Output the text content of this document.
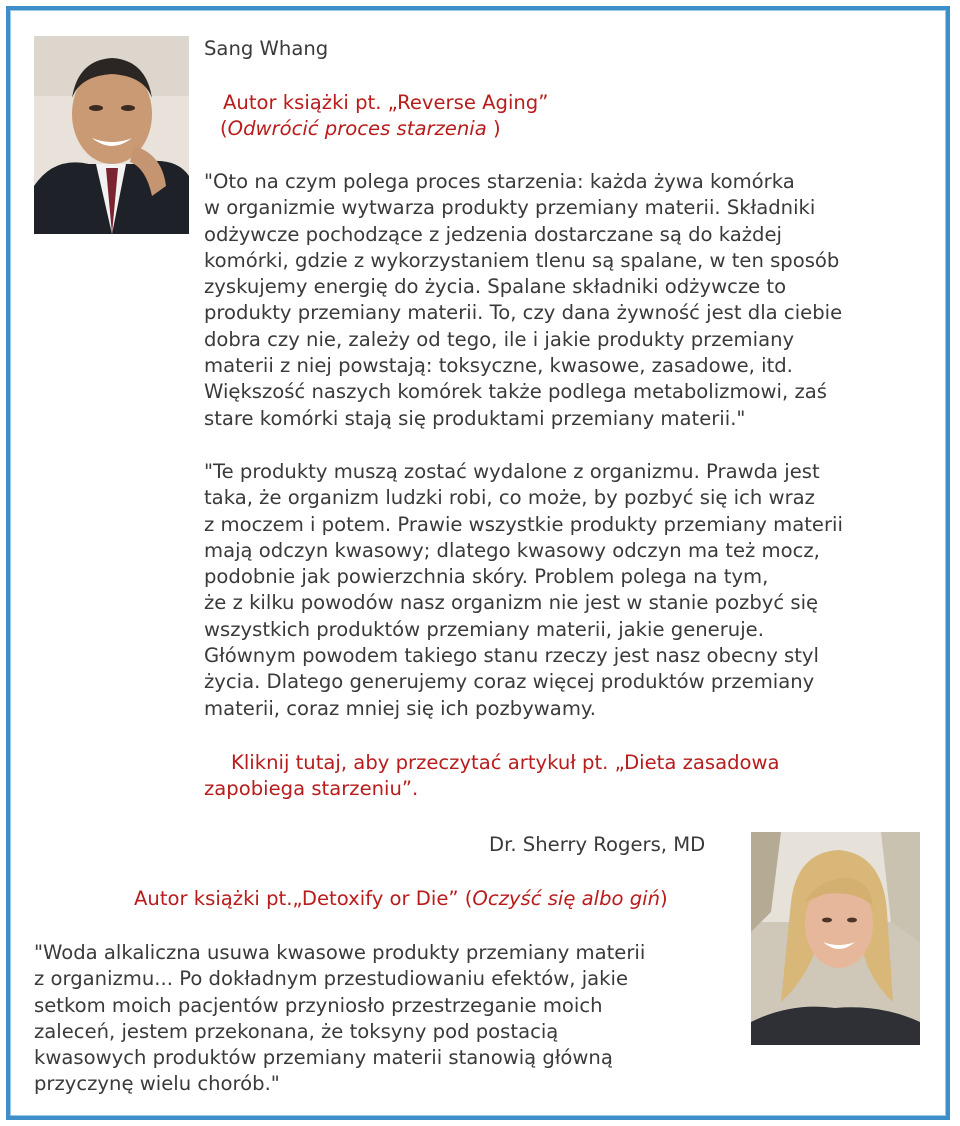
Sang Whang
Autor książki pt. „Reverse Aging”
(Odwrócić proces starzenia )
"Oto na czym polega proces starzenia: każda żywa komórka
w organizmie wytwarza produkty przemiany materii. Składniki
odżywcze pochodzące z jedzenia dostarczane są do każdej
komórki, gdzie z wykorzystaniem tlenu są spalane, w ten sposób
zyskujemy energię do życia. Spalane składniki odżywcze to
produkty przemiany materii. To, czy dana żywność jest dla ciebie
dobra czy nie, zależy od tego, ile i jakie produkty przemiany
materii z niej powstają: toksyczne, kwasowe, zasadowe, itd.
Większość naszych komórek także podlega metabolizmowi, zaś
stare komórki stają się produktami przemiany materii."
"Te produkty muszą zostać wydalone z organizmu. Prawda jest
taka, że organizm ludzki robi, co może, by pozbyć się ich wraz
z moczem i potem. Prawie wszystkie produkty przemiany materii
mają odczyn kwasowy; dlatego kwasowy odczyn ma też mocz,
podobnie jak powierzchnia skóry. Problem polega na tym,
że z kilku powodów nasz organizm nie jest w stanie pozbyć się
wszystkich produktów przemiany materii, jakie generuje.
Głównym powodem takiego stanu rzeczy jest nasz obecny styl
życia. Dlatego generujemy coraz więcej produktów przemiany
materii, coraz mniej się ich pozbywamy.
Kliknij tutaj, aby przeczytać artykuł pt. „Dieta zasadowa
zapobiega starzeniu”.
Dr. Sherry Rogers, MD
Autor książki pt.„Detoxify or Die” (Oczyść się albo giń)
"Woda alkaliczna usuwa kwasowe produkty przemiany materii
z organizmu... Po dokładnym przestudiowaniu efektów, jakie
setkom moich pacjentów przyniosło przestrzeganie moich
zaleceń, jestem przekonana, że toksyny pod postacią
kwasowych produktów przemiany materii stanowią główną
przyczynę wielu chorób."
